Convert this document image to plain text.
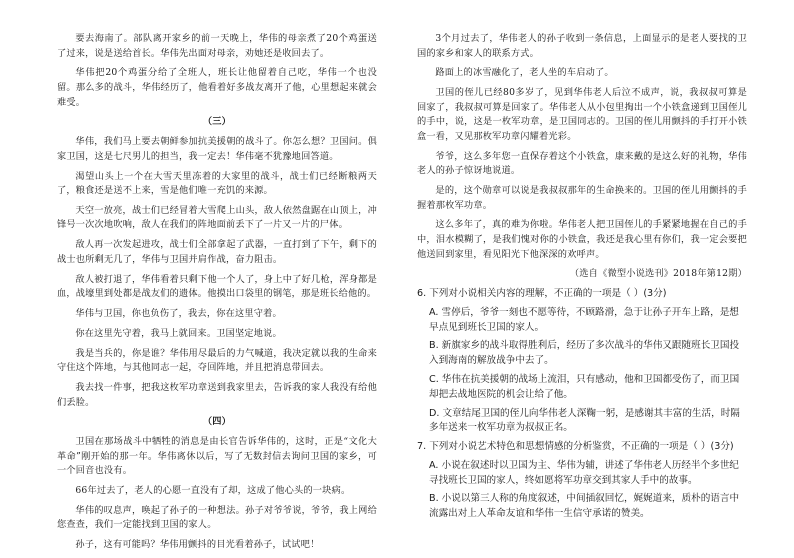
要去海南了。部队离开家乡的前一天晚上，华伟的母亲煮了20个鸡蛋送了过来，说是送给首长。华伟先出面对母亲，劝她还是收回去了。

华伟把20个鸡蛋分给了全班人，班长让他留着自己吃，华伟一个也没留。那么多的战斗，华伟经历了，他看着好多战友离开了他，心里想起来就会难受。

（三）

华伟，我们马上要去朝鲜参加抗美援朝的战斗了。你怎么想？卫国问。俱家卫国，这是七尺男儿的担当，我一定去！华伟毫不犹豫地回答道。

渴望山头上一个在大雪天里冻着的大家里的战斗，战士们已经断粮两天了，粮食还是送不上来，雪是他们唯一充饥的来源。

天空一放亮，战士们已经冒着大雪爬上山头，敌人依然盘踞在山顶上，冲锋号一次次地吹响，敌人在我们的阵地面前丢下了一片又一片的尸体。

敌人再一次发起进攻，战士们全部拿起了武器，一直打到了下午，剩下的战士也所剩无几了，华伟与卫国并肩作战，奋力阻击。

敌人被打退了，华伟看着只剩下他一个人了，身上中了好几枪，浑身都是血，战壕里到处都是战友们的遗体。他摸出口袋里的钢笔，那是班长给他的。

华伟与卫国，你也负伤了，我去，你在这里守着。

你在这里先守着，我马上就回来。卫国坚定地说。

我是当兵的，你是谁？华伟用尽最后的力气喊道，我决定就以我的生命来守住这个阵地，与其他同志一起，夺回阵地，并且把消息带回去。

我去找一件事，把我这枚军功章送到我家里去，告诉我的家人我没有给他们丢脸。

（四）

卫国在那场战斗中牺牲的消息是由长官告诉华伟的，这时，正是“文化大革命”刚开始的那一年。华伟离休以后，写了无数封信去询问卫国的家乡，可一个回音也没有。

66年过去了，老人的心愿一直没有了却，这成了他心头的一块病。

华伟的叹息声，唤起了孙子的一种想法。孙子对爷爷说，爷爷，我上网给您查查，我们一定能找到卫国的家人。

孙子，这有可能吗？华伟用颤抖的目光看着孙子，试试吧！

3个月过去了，华伟老人的孙子收到一条信息，上面显示的是老人要找的卫国的家乡和家人的联系方式。

路面上的冰雪融化了，老人坐的车启动了。

卫国的侄儿已经80多岁了，见到华伟老人后泣不成声，说，我叔叔可算是回家了，我叔叔可算是回家了。华伟老人从小包里掏出一个小铁盒递到卫国侄儿的手中，说，这是一枚军功章，是卫国同志的。卫国的侄儿用颤抖的手打开小铁盒一看，又见那枚军功章闪耀着光彩。

爷爷，这么多年您一直保存着这个小铁盒，康来戴的是这么好的礼物，华伟老人的孙子惊讶地说道。

是的，这个勋章可以说是我叔叔那年的生命换来的。卫国的侄儿用颤抖的手握着那枚军功章。

这么多年了，真的难为你啦。华伟老人把卫国侄儿的手紧紧地握在自己的手中，泪水模糊了，是我们愧对你的小铁盒，我还是我心里有你们，我一定会要把他送回到家里，看见阳光下他深深的欢呼声。

（选自《微型小说选刊》2018年第12期）

6. 下列对小说相关内容的理解，不正确的一项是（ ）(3分)
A. 雪停后，爷爷一刻也不愿等待，不顾路滑，急于让孙子开车上路，是想早点见到班长卫国的家人。
B. 新旗家乡的战斗取得胜利后，经历了多次战斗的华伟又跟随班长卫国投入到海南的解放战争中去了。
C. 华伟在抗美援朝的战场上流泪，只有感动，他和卫国都受伤了，而卫国却把去战地医院的机会让给了他。
D. 文章结尾卫国的侄儿向华伟老人深鞠一躬，是感谢其丰富的生活，时隔多年送来一枚军功章为叔叔正名。
7. 下列对小说艺术特色和思想情感的分析鉴赏，不正确的一项是（ ）(3分)
A. 小说在叙述时以卫国为主、华伟为辅，讲述了华伟老人历经半个多世纪寻找班长卫国的家人，终如愿将军功章交到其家人手中的故事。
B. 小说以第三人称的角度叙述，中间插叙回忆，娓娓道来，质朴的语言中流露出对上人革命友谊和华伟一生信守承诺的赞美。
